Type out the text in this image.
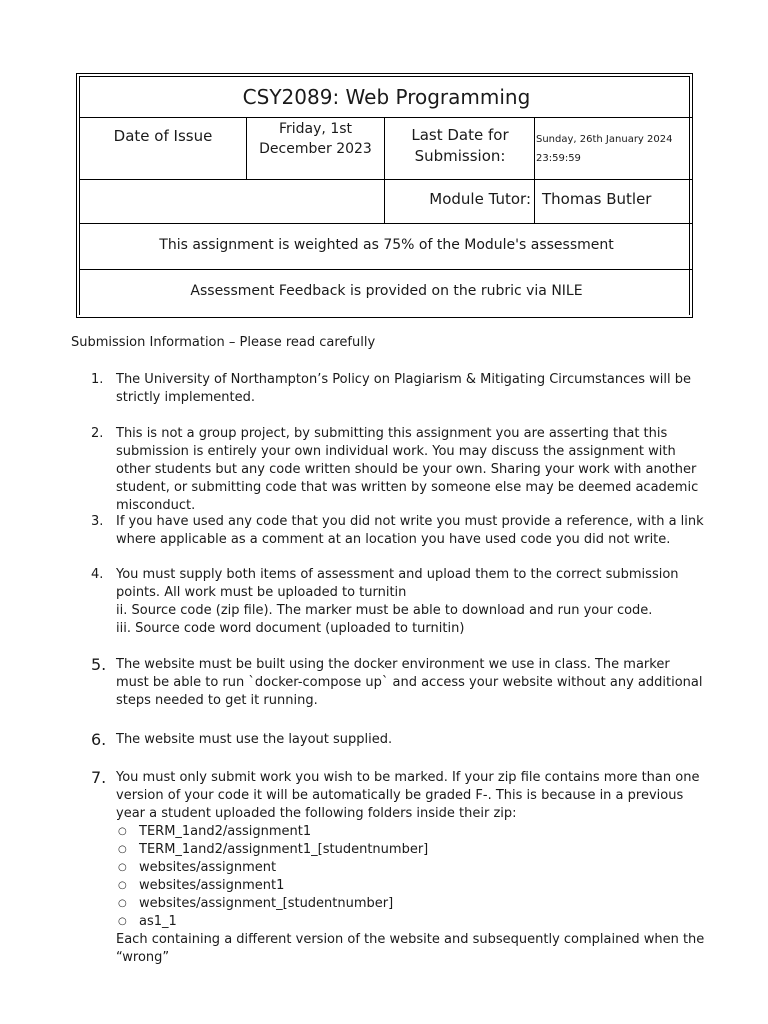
CSY2089: Web Programming
Date of Issue	Friday, 1st December 2023
Last Date for Submission:
Sunday, 26th January 2024
23:59:59
Module Tutor: Thomas Butler
This assignment is weighted as 75% of the Module's assessment
Assessment Feedback is provided on the rubric via NILE
Submission Information – Please read carefully
1. The University of Northampton’s Policy on Plagiarism & Mitigating Circumstances will be strictly implemented.
2. This is not a group project, by submitting this assignment you are asserting that this submission is entirely your own individual work. You may discuss the assignment with other students but any code written should be your own. Sharing your work with another student, or submitting code that was written by someone else may be deemed academic misconduct.
3. If you have used any code that you did not write you must provide a reference, with a link where applicable as a comment at an location you have used code you did not write.
4. You must supply both items of assessment and upload them to the correct submission points. All work must be uploaded to turnitin
ii. Source code (zip file). The marker must be able to download and run your code.
iii. Source code word document (uploaded to turnitin)
5. The website must be built using the docker environment we use in class. The marker must be able to run `docker-compose up` and access your website without any additional steps needed to get it running.
6. The website must use the layout supplied.
7. You must only submit work you wish to be marked. If your zip file contains more than one version of your code it will be automatically be graded F-. This is because in a previous year a student uploaded the following folders inside their zip:
○ TERM_1and2/assignment1
○ TERM_1and2/assignment1_[studentnumber]
○ websites/assignment
○ websites/assignment1
○ websites/assignment_[studentnumber]
○ as1_1
Each containing a different version of the website and subsequently complained when the “wrong”
